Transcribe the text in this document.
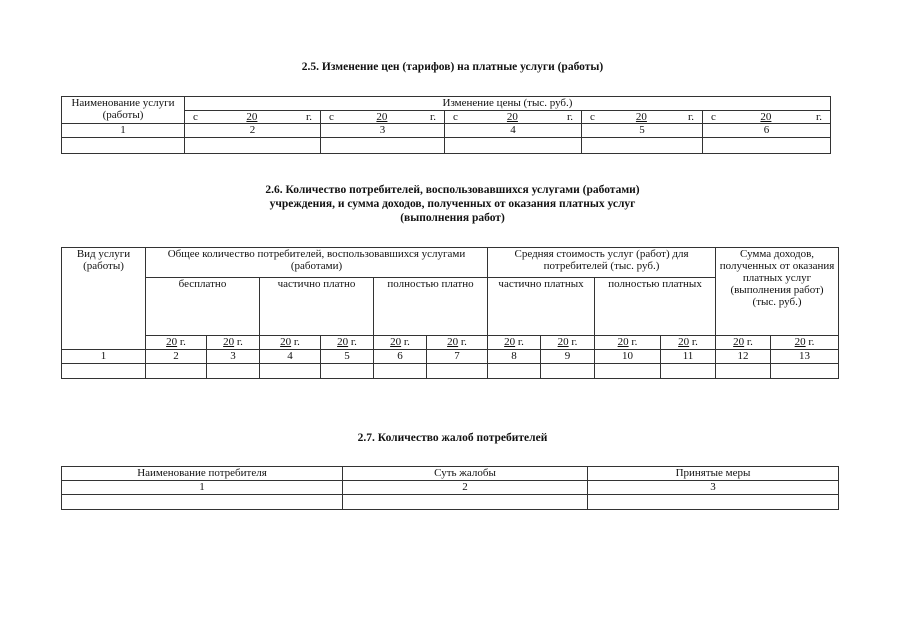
2.5. Изменение цен (тарифов) на платные услуги (работы)
Наименование услуги (работы)	Изменение цены (тыс. руб.)				

	с 20 г.	с 20 г.	с 20 г.	с 20 г.	с 20 г.

1	2	3	4	5	6

2.6. Количество потребителей, воспользовавшихся услугами (работами)
учреждения, и сумма доходов, полученных от оказания платных услуг
(выполнения работ)
Вид услуги (работы)	Общее количество потребителей, воспользовавшихся услугами (работами)						Средняя стоимость услуг (работ) для потребителей (тыс. руб.)				Сумма доходов, полученных от оказания платных услуг (выполнения работ) (тыс. руб.)	
	бесплатно		частично платно		полностью платно		частично платных		полностью платных			
	20 г.	20 г.	20 г.	20 г.	20 г.	20 г.	20 г.	20 г.	20 г.	20 г.	20 г.	20 г.
1	2	3	4	5	6	7	8	9	10	11	12	13

2.7. Количество жалоб потребителей
Наименование потребителя	Суть жалобы	Принятые меры
1	2	3
